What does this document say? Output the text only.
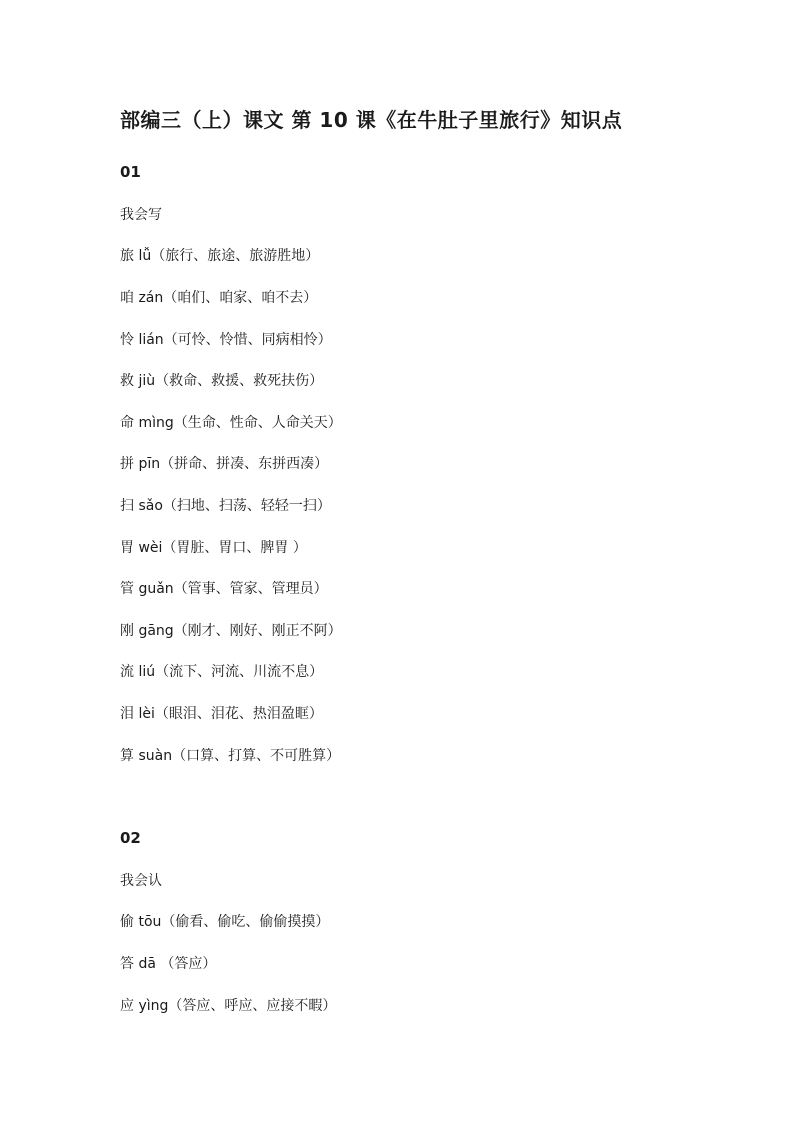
部编三（上）课文 第 10 课《在牛肚子里旅行》知识点
01
我会写
旅 lǚ（旅行、旅途、旅游胜地）
咱 zán（咱们、咱家、咱不去）
怜 lián（可怜、怜惜、同病相怜）
救 jiù（救命、救援、救死扶伤）
命 mìng（生命、性命、人命关天）
拼 pīn（拼命、拼凑、东拼西凑）
扫 sǎo（扫地、扫荡、轻轻一扫）
胃 wèi（胃脏、胃口、脾胃 ）
管 guǎn（管事、管家、管理员）
刚 gāng（刚才、刚好、刚正不阿）
流 liú（流下、河流、川流不息）
泪 lèi（眼泪、泪花、热泪盈眶）
算 suàn（口算、打算、不可胜算）
02
我会认
偷 tōu（偷看、偷吃、偷偷摸摸）
答 dā （答应）
应 yìng（答应、呼应、应接不暇）
